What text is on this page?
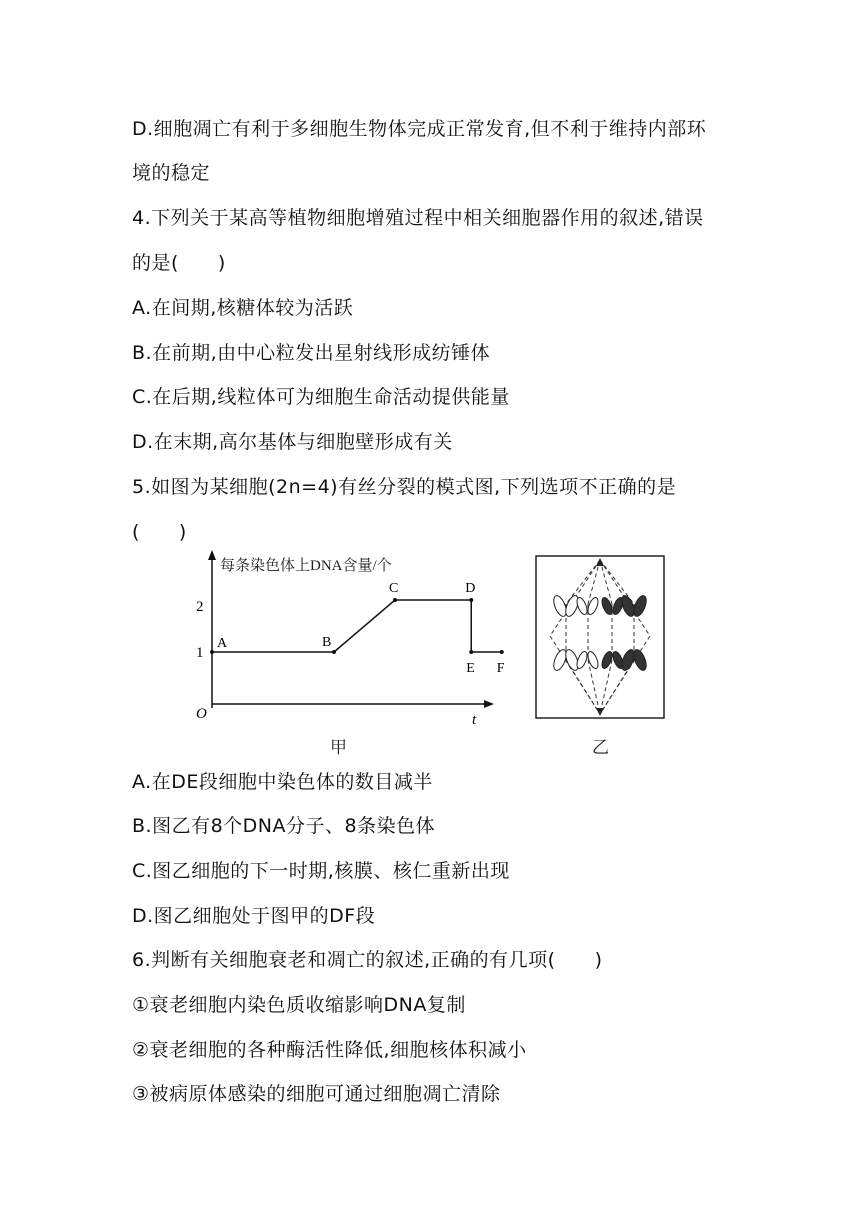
D.细胞凋亡有利于多细胞生物体完成正常发育,但不利于维持内部环

境的稳定

4.下列关于某高等植物细胞增殖过程中相关细胞器作用的叙述,错误

的是(　　)

A.在间期,核糖体较为活跃

B.在前期,由中心粒发出星射线形成纺锤体

C.在后期,线粒体可为细胞生命活动提供能量

D.在末期,高尔基体与细胞壁形成有关

5.如图为某细胞(2n=4)有丝分裂的模式图,下列选项不正确的是

(　　)

每条染色体上DNA含量/个
O	t
2
1
A	B
C	D
E F
甲	乙

A.在DE段细胞中染色体的数目减半

B.图乙有8个DNA分子、8条染色体

C.图乙细胞的下一时期,核膜、核仁重新出现

D.图乙细胞处于图甲的DF段

6.判断有关细胞衰老和凋亡的叙述,正确的有几项(　　)

①衰老细胞内染色质收缩影响DNA复制

②衰老细胞的各种酶活性降低,细胞核体积减小

③被病原体感染的细胞可通过细胞凋亡清除
